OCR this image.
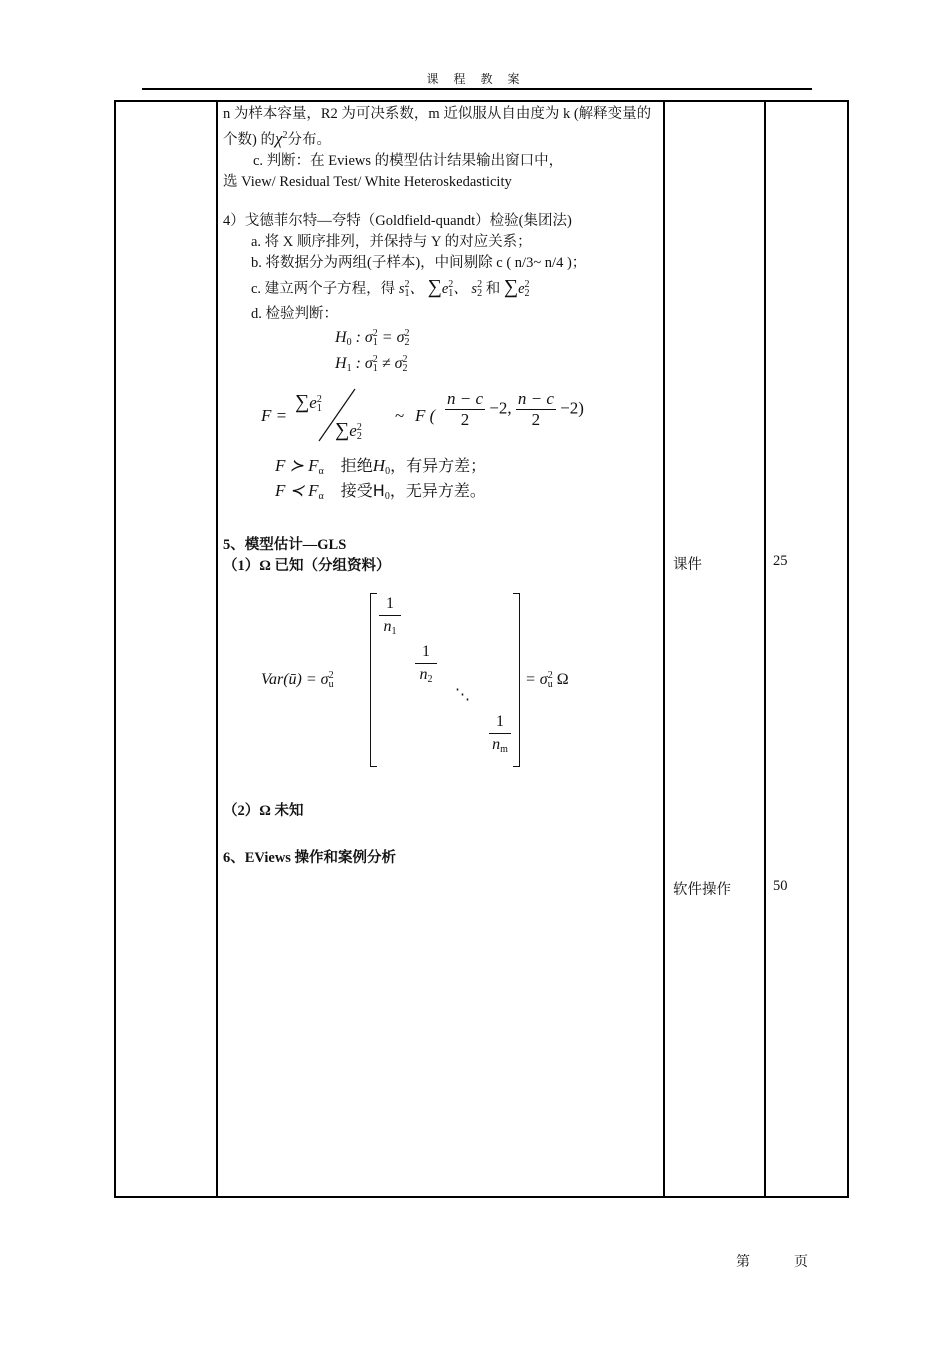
课 程 教 案

n 为样本容量，R2 为可决系数，m 近似服从自由度为 k (解释变量的个数) 的$\chi^2$分布。

c. 判断：在 Eviews 的模型估计结果输出窗口中，

选 View/ Residual Test/ White Heteroskedasticity

4）戈德菲尔特—夸特（Goldfield-quandt）检验(集团法)

a. 将 X 顺序排列，并保持与 Y 的对应关系；

b. 将数据分为两组(子样本)，中间剔除 c ( n/3~ n/4 )；

c. 建立两个子方程，得 $s_1^2$、 $\sum e_1^2$、 $s_2^2$ 和 $\sum e_2^2$

d. 检验判断：

$H_0$ : $\sigma_1^2 = \sigma_2^2$
$H_1$ : $\sigma_1^2 \ne \sigma_2^2$
F =
$\sum e_1^2$
$\sum e_2^2$
~ F ( $\frac{n - c}{2} -2$, $\frac{n - c}{2} -2$)
F ≻ $F_\alpha$ 拒绝$H_0$，有异方差；
F ≺ $F_\alpha$ 接受$H_0$，无异方差。

5、模型估计—GLS

（1）Ω 已知（分组资料）

Var(ū) = $\sigma_u^2$
$\frac{1}{n_1}$
$\frac{1}{n_2}$
⋱
$\frac{1}{n_m}$
= $\sigma_u^2$ Ω

（2）Ω 未知

6、EViews 操作和案例分析

课件	25
软件操作	50
第	页
